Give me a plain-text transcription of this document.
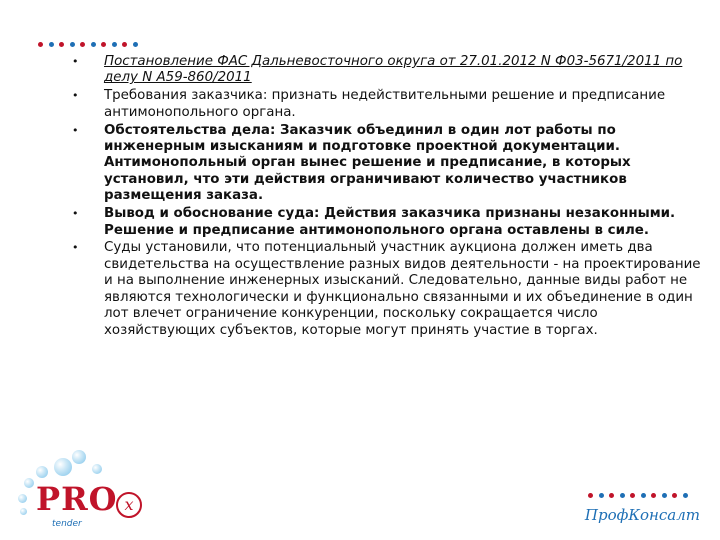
• Постановление ФАС Дальневосточного округа от 27.01.2012 N Ф03-5671/2011 по делу N А59-860/2011
• Требования заказчика: признать недействительными решение и предписание антимонопольного органа.
• Обстоятельства дела: Заказчик объединил в один лот работы по инженерным изысканиям и подготовке проектной документации. Антимонопольный орган вынес решение и предписание, в которых установил, что эти действия ограничивают количество участников размещения заказа.
• Вывод и обоснование суда: Действия заказчика признаны незаконными. Решение и предписание антимонопольного органа оставлены в силе.
• Суды установили, что потенциальный участник аукциона должен иметь два свидетельства на осуществление разных видов деятельности - на проектирование и на выполнение инженерных изысканий. Следовательно, данные виды работ не являются технологически и функционально связанными и их объединение в один лот влечет ограничение конкуренции, поскольку сокращается число хозяйствующих субъектов, которые могут принять участие в торгах.
PRO x
tender	ПрофКонсалт
